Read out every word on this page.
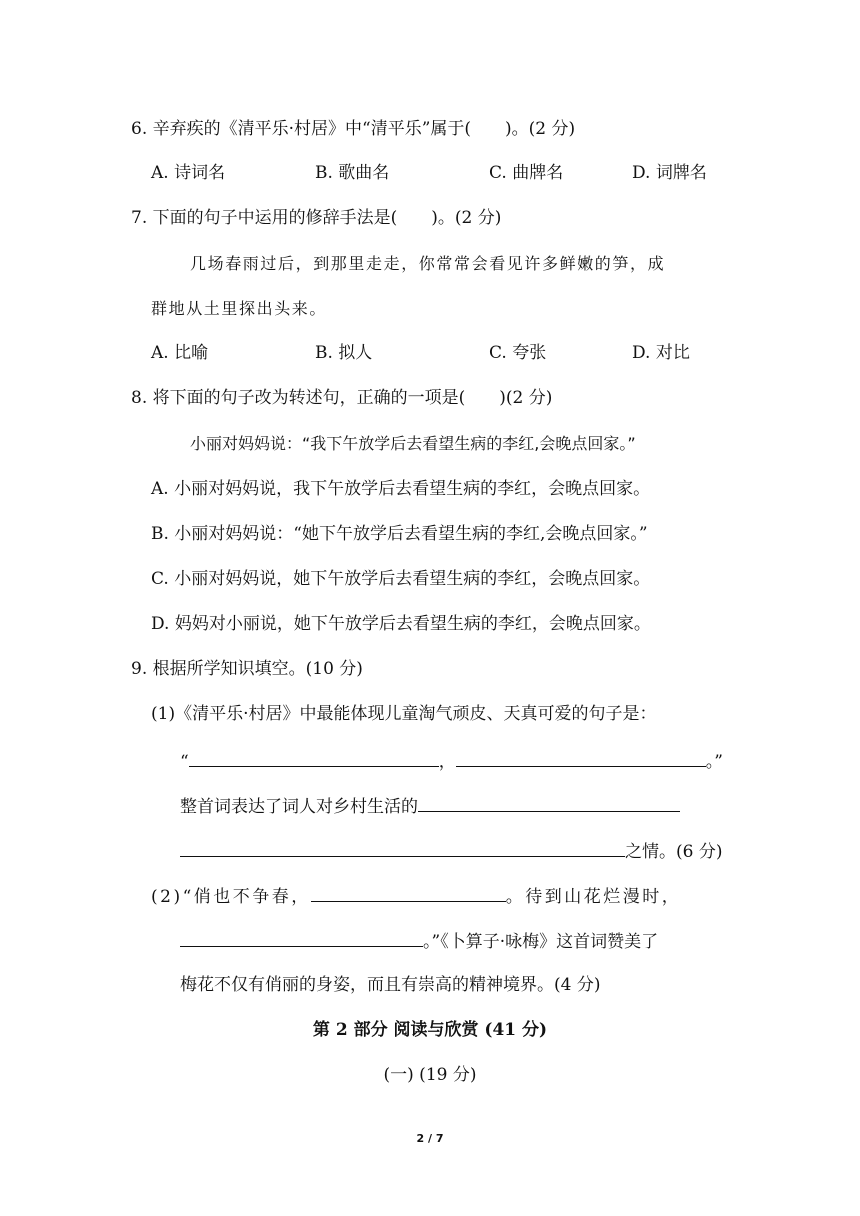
6. 辛弃疾的《清平乐·村居》中“清平乐”属于(　　)。(2 分)
A. 诗词名	B. 歌曲名	C. 曲牌名	D. 词牌名
7. 下面的句子中运用的修辞手法是(　　)。(2 分)
几场春雨过后，到那里走走，你常常会看见许多鲜嫩的笋，成
群地从土里探出头来。
A. 比喻	B. 拟人	C. 夸张	D. 对比
8. 将下面的句子改为转述句，正确的一项是(　　)(2 分)
小丽对妈妈说：“我下午放学后去看望生病的李红,会晚点回家。”
A. 小丽对妈妈说，我下午放学后去看望生病的李红，会晚点回家。
B. 小丽对妈妈说：“她下午放学后去看望生病的李红,会晚点回家。”
C. 小丽对妈妈说，她下午放学后去看望生病的李红，会晚点回家。
D. 妈妈对小丽说，她下午放学后去看望生病的李红，会晚点回家。
9. 根据所学知识填空。(10 分)
(1)《清平乐·村居》中最能体现儿童淘气顽皮、天真可爱的句子是：
“	，	。”
整首词表达了词人对乡村生活的
之情。(6 分)
(2)“俏也不争春，	。待到山花烂漫时，
。”《卜算子·咏梅》这首词赞美了
梅花不仅有俏丽的身姿，而且有崇高的精神境界。(4 分)
第 2 部分 阅读与欣赏 (41 分)
(一) (19 分)
2 / 7
